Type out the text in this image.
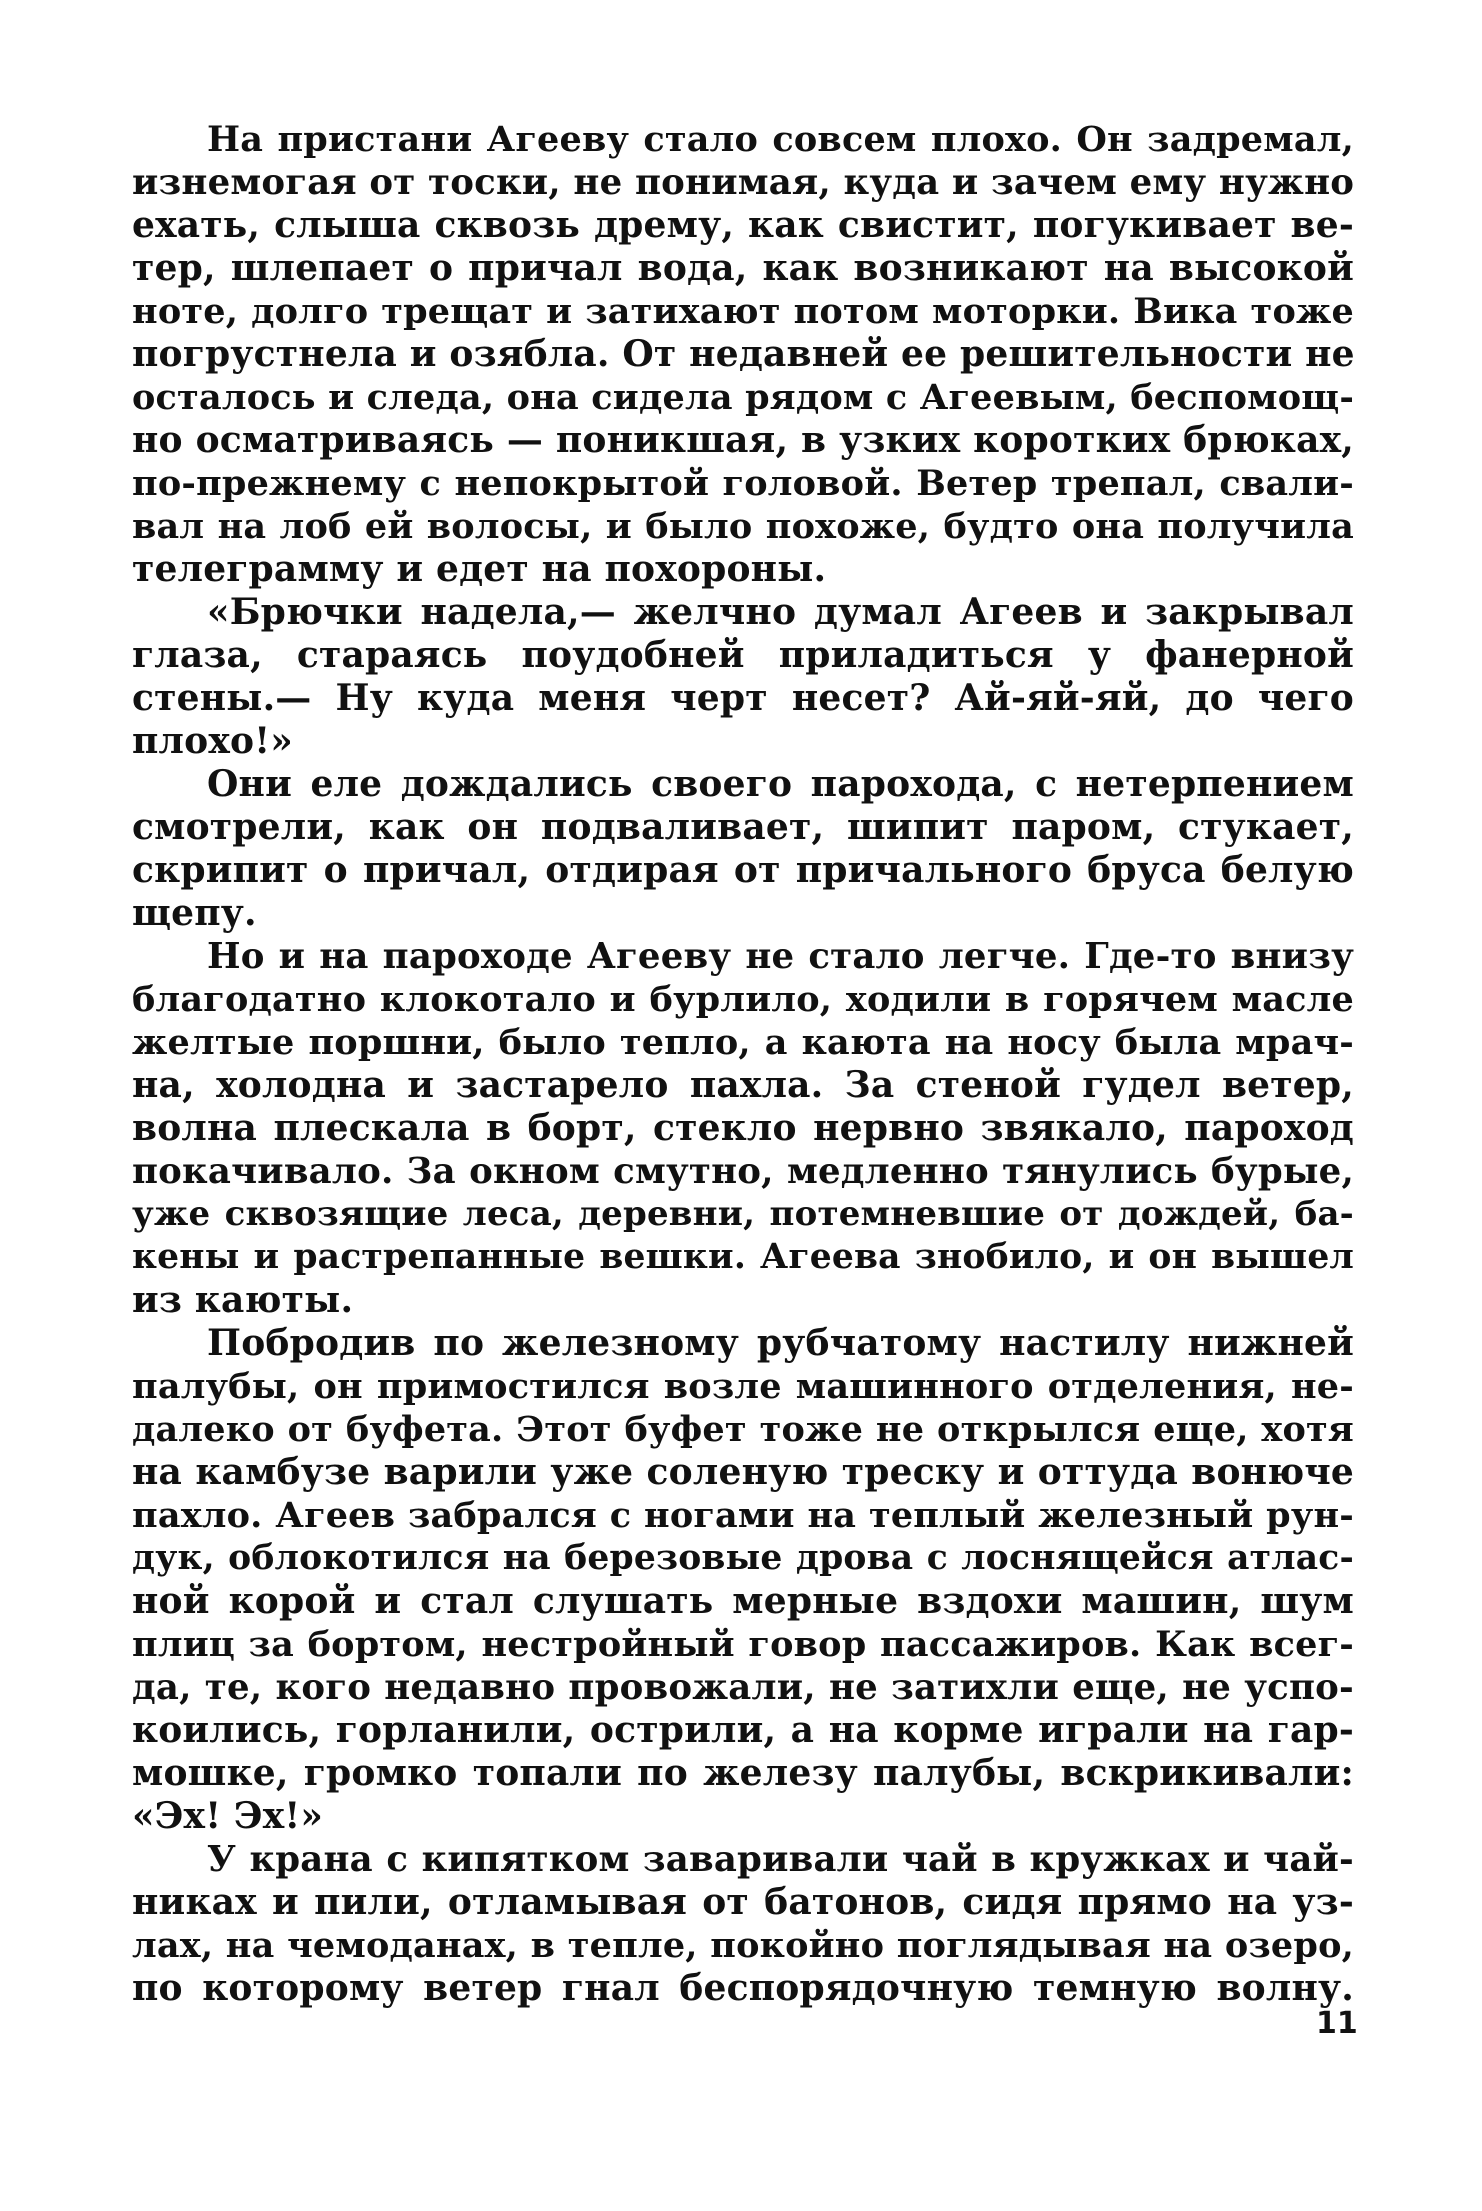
На пристани Агееву стало совсем плохо. Он задремал,
изнемогая от тоски, не понимая, куда и зачем ему нужно
ехать, слыша сквозь дрему, как свистит, погукивает ве-
тер, шлепает о причал вода, как возникают на высокой
ноте, долго трещат и затихают потом моторки. Вика тоже
погрустнела и озябла. От недавней ее решительности не
осталось и следа, она сидела рядом с Агеевым, беспомощ-
но осматриваясь — поникшая, в узких коротких брюках,
по-прежнему с непокрытой головой. Ветер трепал, свали-
вал на лоб ей волосы, и было похоже, будто она получила
телеграмму и едет на похороны.
«Брючки надела,— желчно думал Агеев и закрывал
глаза, стараясь поудобней приладиться у фанерной
стены.— Ну куда меня черт несет? Ай-яй-яй, до чего
плохо!»
Они еле дождались своего парохода, с нетерпением
смотрели, как он подваливает, шипит паром, стукает,
скрипит о причал, отдирая от причального бруса белую
щепу.
Но и на пароходе Агееву не стало легче. Где-то внизу
благодатно клокотало и бурлило, ходили в горячем масле
желтые поршни, было тепло, а каюта на носу была мрач-
на, холодна и застарело пахла. За стеной гудел ветер,
волна плескала в борт, стекло нервно звякало, пароход
покачивало. За окном смутно, медленно тянулись бурые,
уже сквозящие леса, деревни, потемневшие от дождей, ба-
кены и растрепанные вешки. Агеева знобило, и он вышел
из каюты.
Побродив по железному рубчатому настилу нижней
палубы, он примостился возле машинного отделения, не-
далеко от буфета. Этот буфет тоже не открылся еще, хотя
на камбузе варили уже соленую треску и оттуда вонюче
пахло. Агеев забрался с ногами на теплый железный рун-
дук, облокотился на березовые дрова с лоснящейся атлас-
ной корой и стал слушать мерные вздохи машин, шум
плиц за бортом, нестройный говор пассажиров. Как всег-
да, те, кого недавно провожали, не затихли еще, не успо-
коились, горланили, острили, а на корме играли на гар-
мошке, громко топали по железу палубы, вскрикивали:
«Эх! Эх!»
У крана с кипятком заваривали чай в кружках и чай-
никах и пили, отламывая от батонов, сидя прямо на уз-
лах, на чемоданах, в тепле, покойно поглядывая на озеро,
по которому ветер гнал беспорядочную темную волну.
11
